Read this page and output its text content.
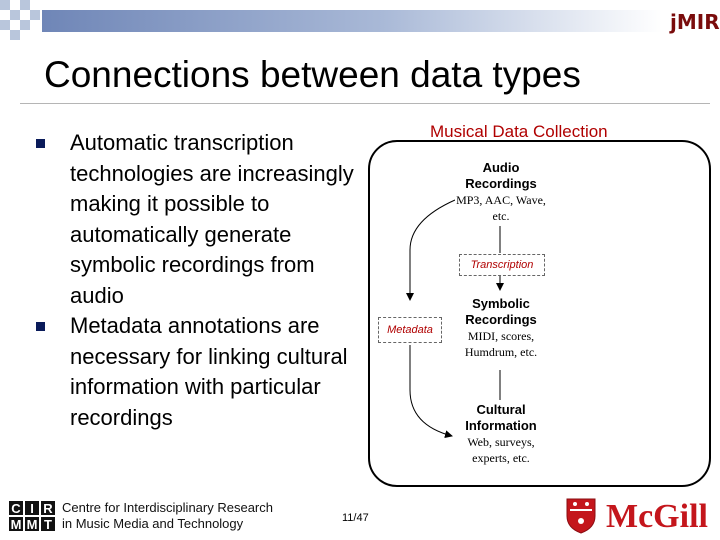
jMIR
Connections between data types
Automatic transcription technologies are increasingly making it possible to automatically generate symbolic recordings from audio
Metadata annotations are necessary for linking cultural information with particular recordings
Musical Data Collection
Audio Recordings
MP3, AAC, Wave, etc.
Transcription
Metadata
Symbolic Recordings
MIDI, scores, Humdrum, etc.
Cultural Information
Web, surveys, experts, etc.
C I R
M M T
Centre for Interdisciplinary Research
in Music Media and Technology	11/47	McGill
